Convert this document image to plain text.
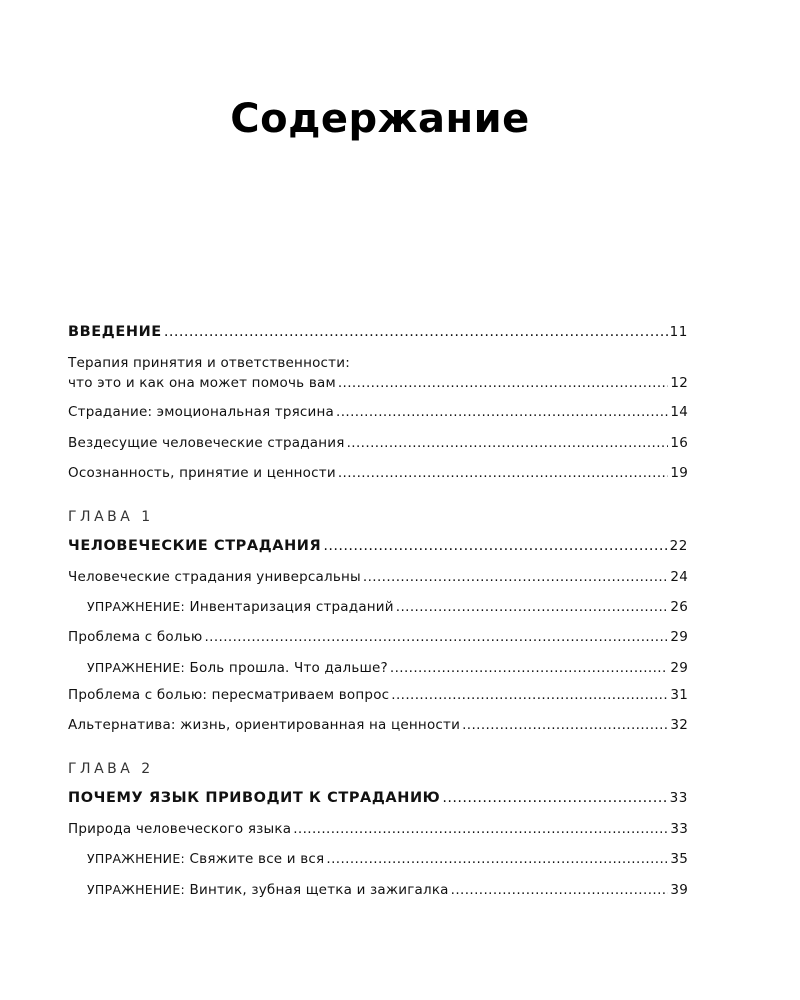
Содержание
ВВЕДЕНИЕ .....	11
Терапия принятия и ответственности:
что это и как она может помочь вам .....	12
Страдание: эмоциональная трясина .....	14
Вездесущие человеческие страдания .....	16
Осознанность, принятие и ценности .....	19
ГЛАВА 1
ЧЕЛОВЕЧЕСКИЕ СТРАДАНИЯ .....	22
Человеческие страдания универсальны .....	24
УПРАЖНЕНИЕ: Инвентаризация страданий .....	26
Проблема с болью .....	29
УПРАЖНЕНИЕ: Боль прошла. Что дальше? .....	29
Проблема с болью: пересматриваем вопрос .....	31
Альтернатива: жизнь, ориентированная на ценности .....	32
ГЛАВА 2
ПОЧЕМУ ЯЗЫК ПРИВОДИТ К СТРАДАНИЮ .....	33
Природа человеческого языка .....	33
УПРАЖНЕНИЕ: Свяжите все и вся .....	35
УПРАЖНЕНИЕ: Винтик, зубная щетка и зажигалка .....	39
